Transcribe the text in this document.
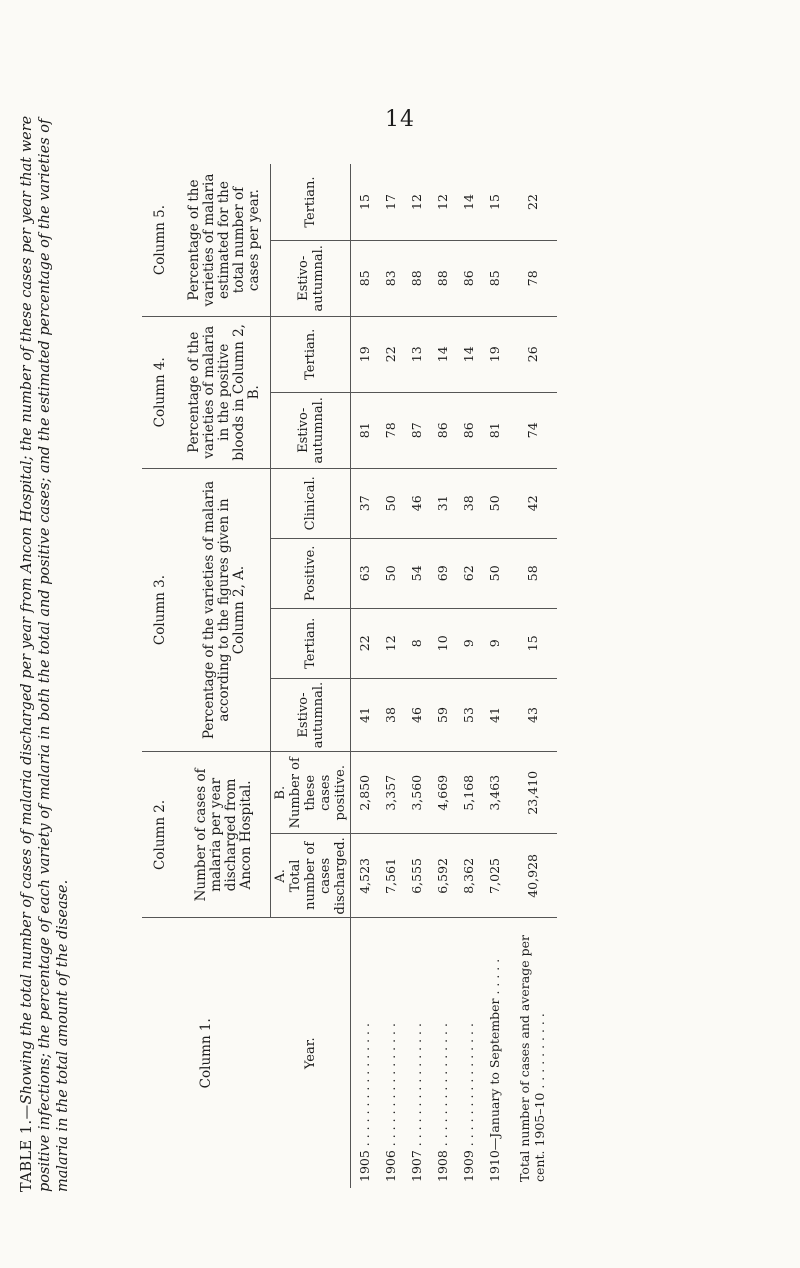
14
TABLE 1.—Showing the total number of cases of malaria discharged per year from Ancon Hospital; the number of these cases per year that were positive infections; the percentage of each variety of malaria in both the total and positive cases; and the estimated percentage of the varieties of malaria in the total amount of the disease.	Column 1.	Column 2.		Column 3.				Column 4.		Column 5.	
	Number of cases of malaria per year discharged from Ancon Hospital.		Percentage of the varieties of malaria according to the figures given in Column 2, A.				Percentage of the varieties of malaria in the positive bloods in Column 2, B.		Percentage of the varieties of malaria estimated for the total number of cases per year.	
Year.	A. Total number of cases discharged.	B. Number of these cases positive.	Estivo-autumnal.	Tertian.	Positive.	Clinical.	Estivo-autumnal.	Tertian.	Estivo-autumnal.	Tertian.
1905 . . . . . . . . . . . . . . . .	4,523	2,850	41	22	63	37	81	19	85	15
1906 . . . . . . . . . . . . . . . .	7,561	3,357	38	12	50	50	78	22	83	17
1907 . . . . . . . . . . . . . . . .	6,555	3,560	46	8	54	46	87	13	88	12
1908 . . . . . . . . . . . . . . . .	6,592	4,669	59	10	69	31	86	14	88	12
1909 . . . . . . . . . . . . . . . .	8,362	5,168	53	9	62	38	86	14	86	14
1910—January to September . . . . .	7,025	3,463	41	9	50	50	81	19	85	15
Total number of cases and average per cent. 1905–10 . . . . . . . . . .	40,928	23,410	43	15	58	42	74	26	78	22
